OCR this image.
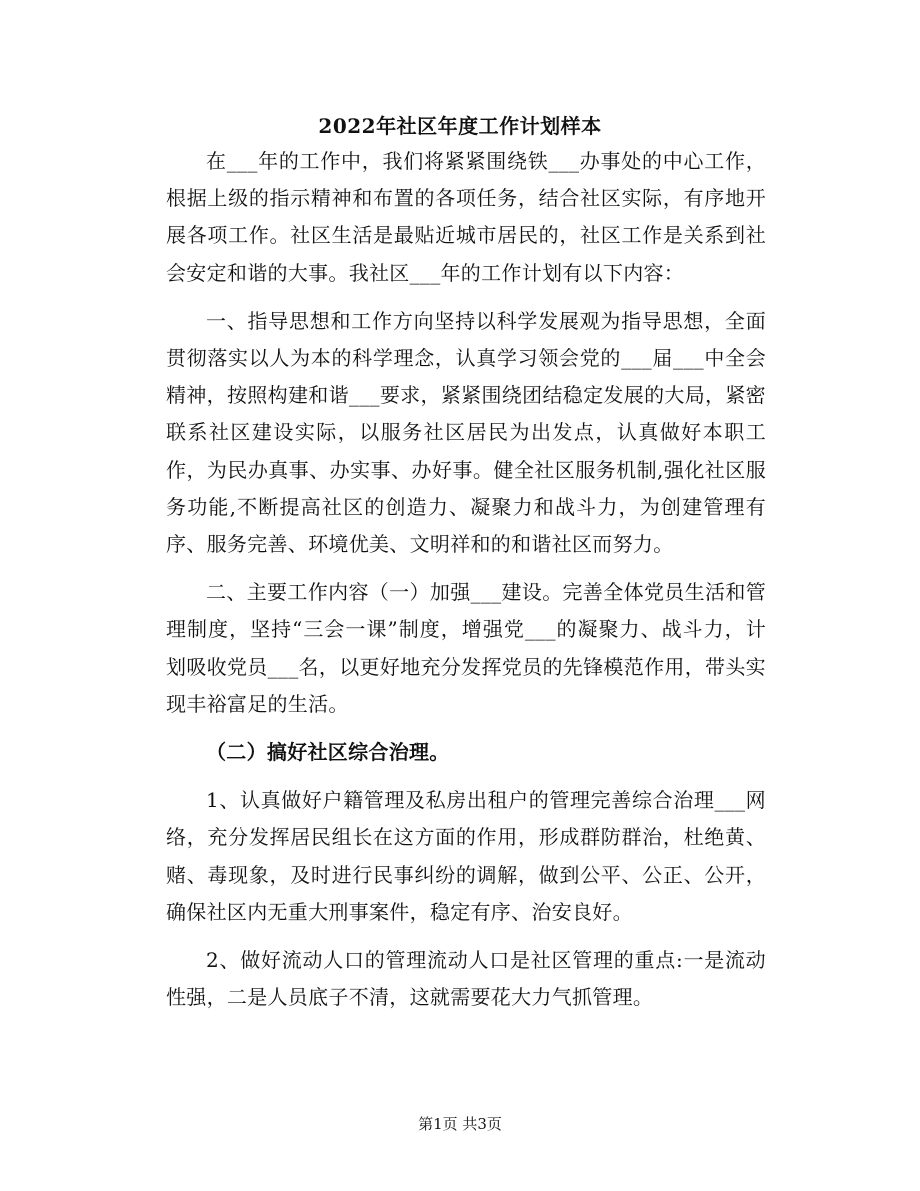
2022年社区年度工作计划样本

在___年的工作中，我们将紧紧围绕铁___办事处的中心工作，根据上级的指示精神和布置的各项任务，结合社区实际，有序地开展各项工作。社区生活是最贴近城市居民的，社区工作是关系到社会安定和谐的大事。我社区___年的工作计划有以下内容：

一、指导思想和工作方向坚持以科学发展观为指导思想，全面贯彻落实以人为本的科学理念，认真学习领会党的___届___中全会精神，按照构建和谐___要求，紧紧围绕团结稳定发展的大局，紧密联系社区建设实际，以服务社区居民为出发点，认真做好本职工作，为民办真事、办实事、办好事。健全社区服务机制,强化社区服务功能,不断提高社区的创造力、凝聚力和战斗力，为创建管理有序、服务完善、环境优美、文明祥和的和谐社区而努力。

二、主要工作内容（一）加强___建设。完善全体党员生活和管理制度，坚持“三会一课”制度，增强党___的凝聚力、战斗力，计划吸收党员___名，以更好地充分发挥党员的先锋模范作用，带头实现丰裕富足的生活。

（二）搞好社区综合治理。

1、认真做好户籍管理及私房出租户的管理完善综合治理___网络，充分发挥居民组长在这方面的作用，形成群防群治，杜绝黄、赌、毒现象，及时进行民事纠纷的调解，做到公平、公正、公开，确保社区内无重大刑事案件，稳定有序、治安良好。

2、做好流动人口的管理流动人口是社区管理的重点:一是流动性强，二是人员底子不清，这就需要花大力气抓管理。

第1页 共3页
